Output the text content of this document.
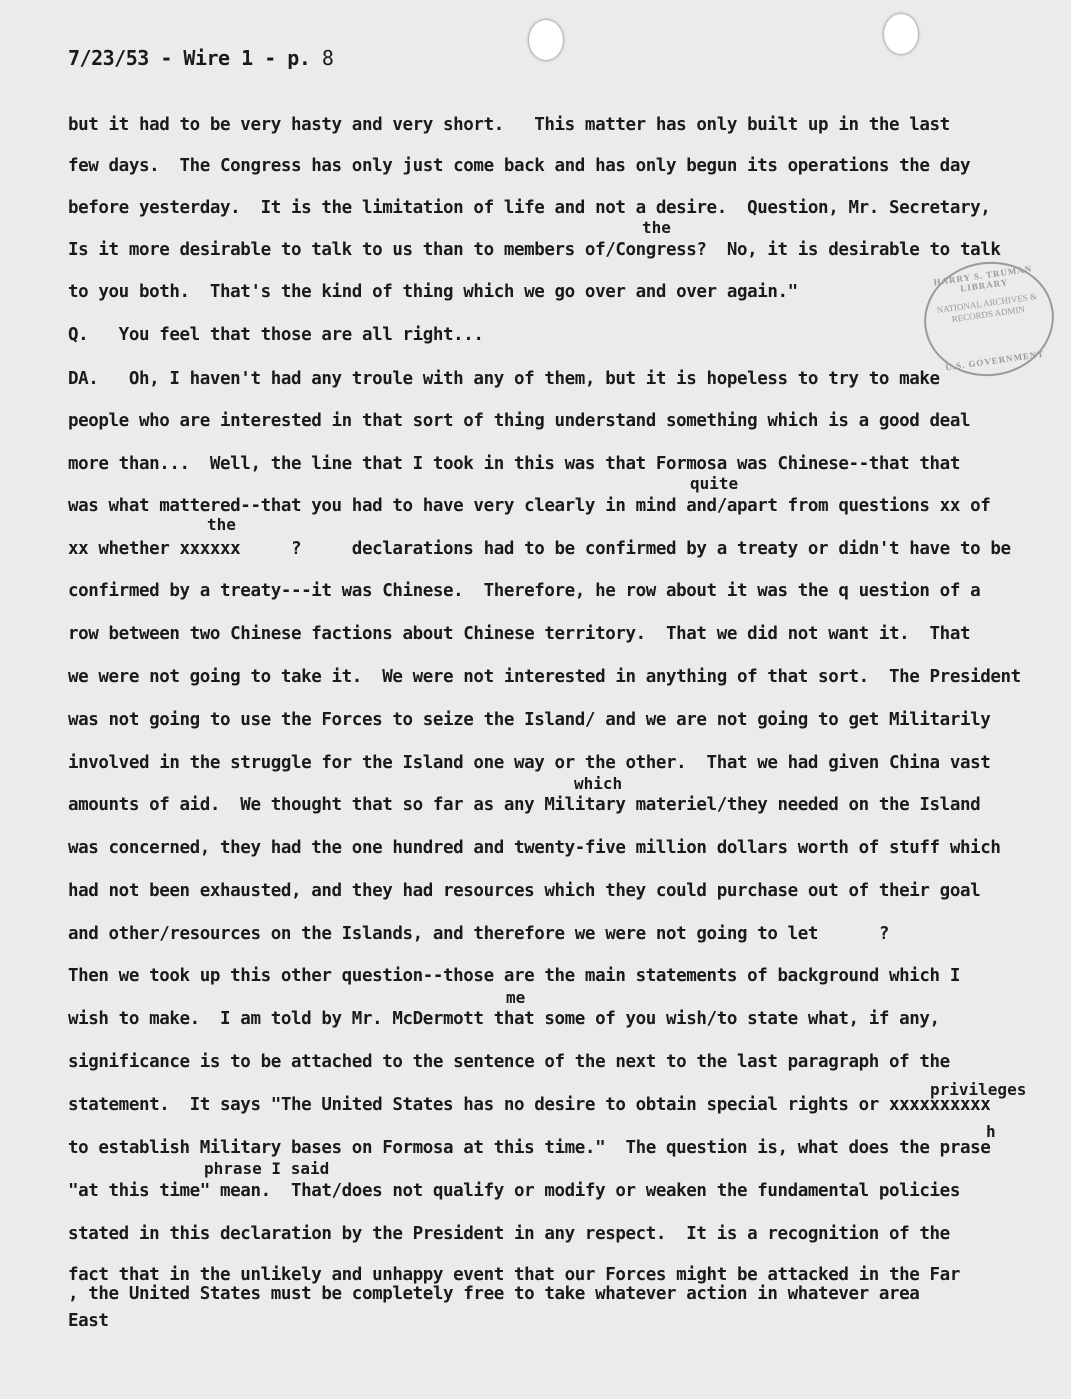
7/23/53 - Wire 1 - p. 8
HARRY S. TRUMAN LIBRARY
NATIONAL ARCHIVES & RECORDS ADMIN
U.S. GOVERNMENT
the
quite
the
which
me
privileges
h
phrase I said
but it had to be very hasty and very short.   This matter has only built up in the last
few days.  The Congress has only just come back and has only begun its operations the day
before yesterday.  It is the limitation of life and not a desire.  Question, Mr. Secretary,
Is it more desirable to talk to us than to members of/Congress?  No, it is desirable to talk
to you both.  That's the kind of thing which we go over and over again."
Q.   You feel that those are all right...
DA.   Oh, I haven't had any troule with any of them, but it is hopeless to try to make
people who are interested in that sort of thing understand something which is a good deal
more than...  Well, the line that I took in this was that Formosa was Chinese--that that
was what mattered--that you had to have very clearly in mind and/apart from questions xx of
xx whether xxxxxx     ?     declarations had to be confirmed by a treaty or didn't have to be
confirmed by a treaty---it was Chinese.  Therefore, he row about it was the q uestion of a
row between two Chinese factions about Chinese territory.  That we did not want it.  That
we were not going to take it.  We were not interested in anything of that sort.  The President
was not going to use the Forces to seize the Island/ and we are not going to get Militarily
involved in the struggle for the Island one way or the other.  That we had given China vast
amounts of aid.  We thought that so far as any Military materiel/they needed on the Island
was concerned, they had the one hundred and twenty-five million dollars worth of stuff which
had not been exhausted, and they had resources which they could purchase out of their goal
and other/resources on the Islands, and therefore we were not going to let      ?
Then we took up this other question--those are the main statements of background which I
wish to make.  I am told by Mr. McDermott that some of you wish/to state what, if any,
significance is to be attached to the sentence of the next to the last paragraph of the
statement.  It says "The United States has no desire to obtain special rights or xxxxxxxxxx
to establish Military bases on Formosa at this time."  The question is, what does the prase
"at this time" mean.  That/does not qualify or modify or weaken the fundamental policies
stated in this declaration by the President in any respect.  It is a recognition of the
fact that in the unlikely and unhappy event that our Forces might be attacked in the Far
, the United States must be completely free to take whatever action in whatever area
East
